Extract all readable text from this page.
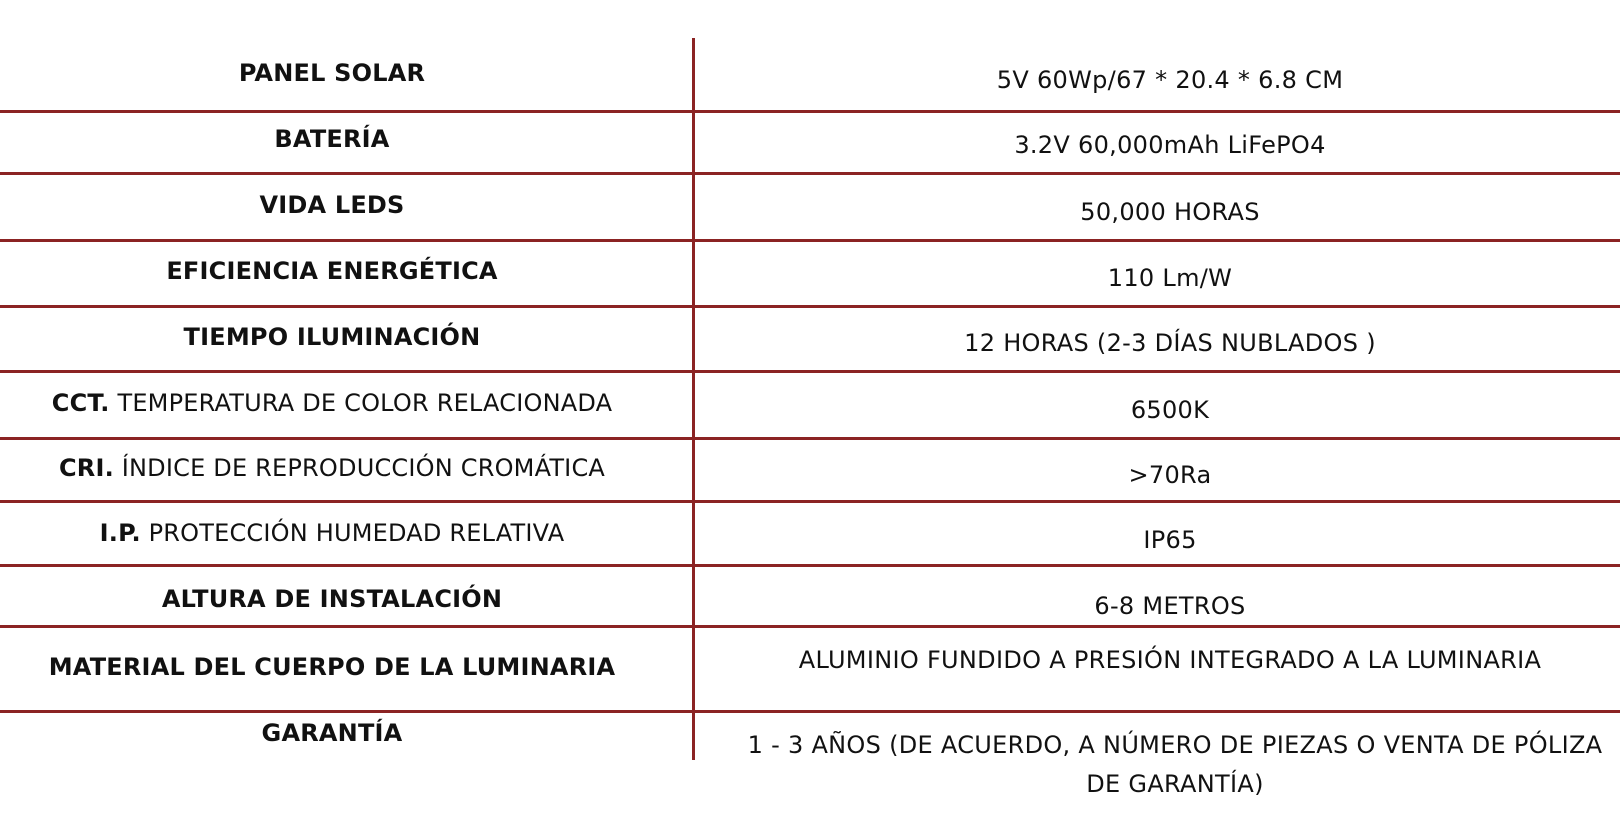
PANEL SOLAR	5V 60Wp/67 * 20.4 * 6.8 CM
BATERÍA	3.2V 60,000mAh LiFePO4
VIDA LEDS	50,000 HORAS
EFICIENCIA ENERGÉTICA	110 Lm/W
TIEMPO ILUMINACIÓN	12 HORAS (2-3 DÍAS NUBLADOS )
CCT. TEMPERATURA DE COLOR RELACIONADA	6500K
CRI. ÍNDICE DE REPRODUCCIÓN CROMÁTICA	>70Ra
I.P. PROTECCIÓN HUMEDAD RELATIVA	IP65
ALTURA DE INSTALACIÓN	6-8 METROS
MATERIAL DEL CUERPO DE LA LUMINARIA	ALUMINIO FUNDIDO A PRESIÓN INTEGRADO A LA LUMINARIA
GARANTÍA	1 - 3 AÑOS (DE ACUERDO, A NÚMERO DE PIEZAS O VENTA DE PÓLIZA DE GARANTÍA)
